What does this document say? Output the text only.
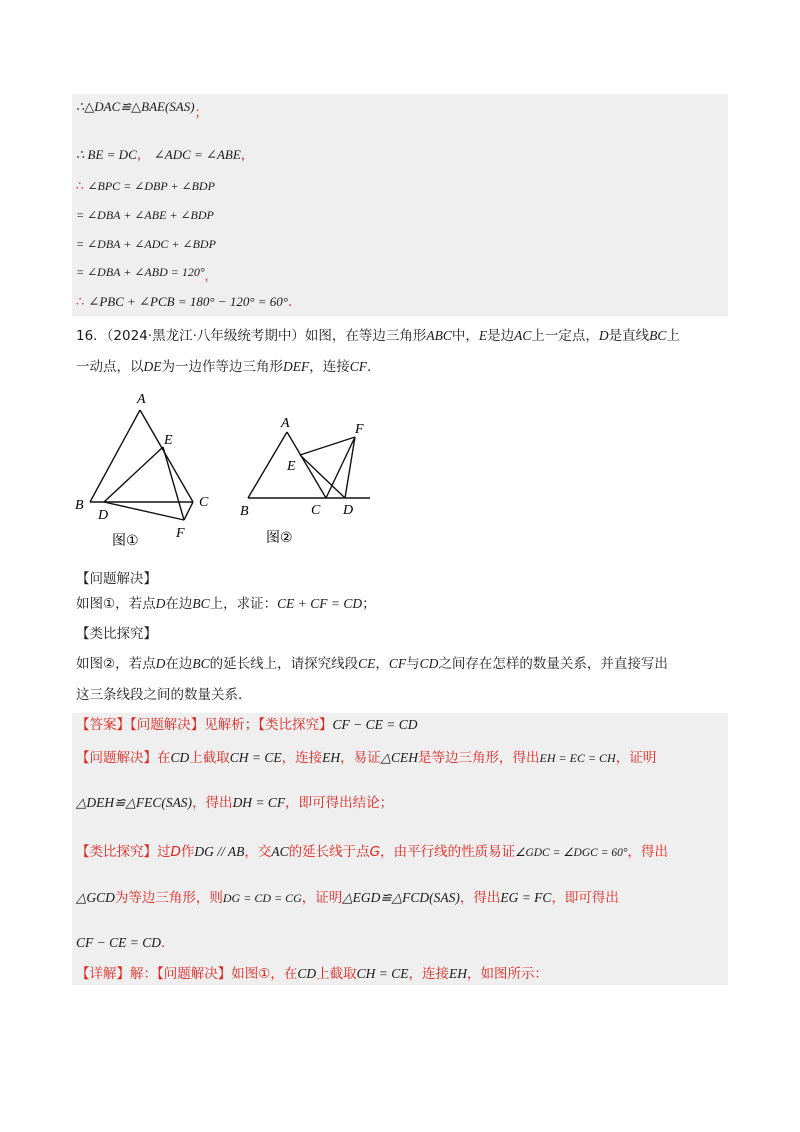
∴△DAC≌△BAE(SAS)；
∴ BE = DC， ∠ADC = ∠ABE，
∴ ∠BPC = ∠DBP + ∠BDP
= ∠DBA + ∠ABE + ∠BDP
= ∠DBA + ∠ADC + ∠BDP
= ∠DBA + ∠ABD = 120°，
∴ ∠PBC + ∠PCB = 180° − 120° = 60°.
16．（2024·黑龙江·八年级统考期中）如图，在等边三角形ABC中，E是边AC上一定点，D是直线BC上
一动点，以DE为一边作等边三角形DEF，连接CF.
A
B	C
D
E
F
图①
A
B	C D
E
F
图②
【问题解决】
如图①，若点D在边BC上，求证：CE + CF = CD；
【类比探究】
如图②，若点D在边BC的延长线上，请探究线段CE，CF与CD之间存在怎样的数量关系，并直接写出
这三条线段之间的数量关系.
【答案】【问题解决】见解析；【类比探究】CF − CE = CD
【问题解决】在CD上截取CH = CE，连接EH，易证△CEH是等边三角形，得出EH = EC = CH，证明
△DEH≌△FEC(SAS)，得出DH = CF，即可得出结论；
【类比探究】过D作DG // AB，交AC的延长线于点G，由平行线的性质易证∠GDC = ∠DGC = 60°，得出
△GCD为等边三角形，则DG = CD = CG，证明△EGD≌△FCD(SAS)，得出EG = FC，即可得出
CF − CE = CD.
【详解】解：【问题解决】如图①，在CD上截取CH = CE，连接EH，如图所示：
